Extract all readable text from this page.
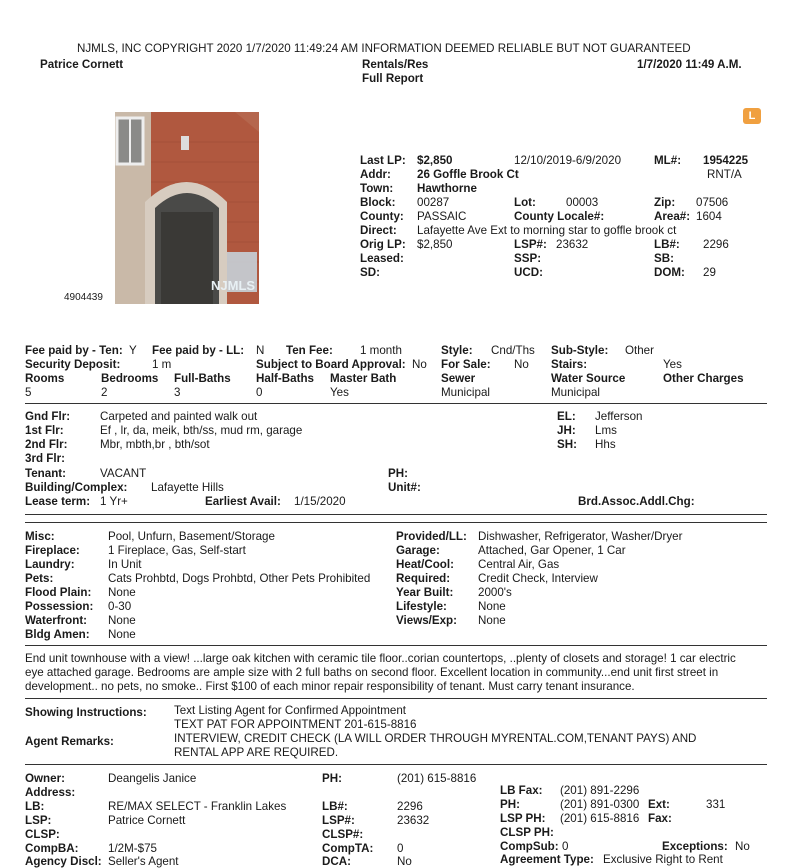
NJMLS, INC COPYRIGHT 2020 1/7/2020 11:49:24 AM INFORMATION DEEMED RELIABLE BUT NOT GUARANTEED
Patrice Cornett	Rentals/Res
Full Report
1/7/2020 11:49 A.M.
L
NJMLS
4904439
Last LP: $2,850	12/10/2019-6/9/2020	ML#: 1954225
RNT/A
Addr: 26 Goffle Brook Ct
Town: Hawthorne
Block: 00287	Lot:	00003	Zip: 07506
County: PASSAIC	County Locale#:	Area#: 1604
Direct: Lafayette Ave Ext to morning star to goffle brook ct
Orig LP: $2,850	LSP#: 23632	LB#: 2296
Leased:	SSP:	SB:
SD:	UCD:	DOM: 29
Fee paid by - Ten: Y Fee paid by - LL: N Ten Fee: 1 month	Style: Cnd/Ths Sub-Style: Other
Security Deposit:	1 m	Subject to Board Approval: No For Sale: No Stairs:	Yes
Rooms	Bedrooms Full-Baths Half-Baths Master Bath	Sewer	Water Source	Other Charges
5	2	3	0	Yes	Municipal	Municipal
Gnd Flr:	Carpeted and painted walk out	EL: Jefferson
1st Flr:	Ef , lr, da, meik, bth/ss, mud rm, garage	JH: Lms
2nd Flr:	Mbr, mbth,br , bth/sot	SH: Hhs
3rd Flr:
Tenant:	VACANT	PH:
Building/Complex: Lafayette Hills	Unit#:
Lease term: 1 Yr+	Earliest Avail: 1/15/2020	Brd.Assoc.Addl.Chg:
Misc:	Pool, Unfurn, Basement/Storage
Fireplace: 1 Fireplace, Gas, Self-start
Laundry:	In Unit
Pets:	Cats Prohbtd, Dogs Prohbtd, Other Pets Prohibited
Flood Plain: None
Possession: 0-30
Waterfront: None
Bldg Amen: None
Provided/LL: Dishwasher, Refrigerator, Washer/Dryer
Garage:	Attached, Gar Opener, 1 Car
Heat/Cool: Central Air, Gas
Required: Credit Check, Interview
Year Built: 2000's
Lifestyle:	None
Views/Exp: None
End unit townhouse with a view! ...large oak kitchen with ceramic tile floor..corian countertops, ..plenty of closets and storage! 1 car electric
eye attached garage. Bedrooms are ample size with 2 full baths on second floor. Excellent location in community...end unit first street in
development.. no pets, no smoke.. First $100 of each minor repair responsibility of tenant. Must carry tenant insurance.
Showing Instructions: Text Listing Agent for Confirmed Appointment
TEXT PAT FOR APPOINTMENT 201-615-8816
Agent Remarks:	INTERVIEW, CREDIT CHECK (LA WILL ORDER THROUGH MYRENTAL.COM,TENANT PAYS) AND
RENTAL APP ARE REQUIRED.
Owner:	Deangelis Janice	PH:	(201) 615-8816
Address:	LB Fax: (201) 891-2296
LB:	RE/MAX SELECT - Franklin Lakes	LB#:	2296	PH:	(201) 891-0300 Ext:	331
LSP:	Patrice Cornett	LSP#:	23632	LSP PH: (201) 615-8816 Fax:
CLSP:	CLSP#:	CLSP PH:
CompBA:	1/2M-$75	CompTA: 0	CompSub: 0	Exceptions: No
Agency Discl: Seller's Agent	DCA:	No	Agreement Type: Exclusive Right to Rent
